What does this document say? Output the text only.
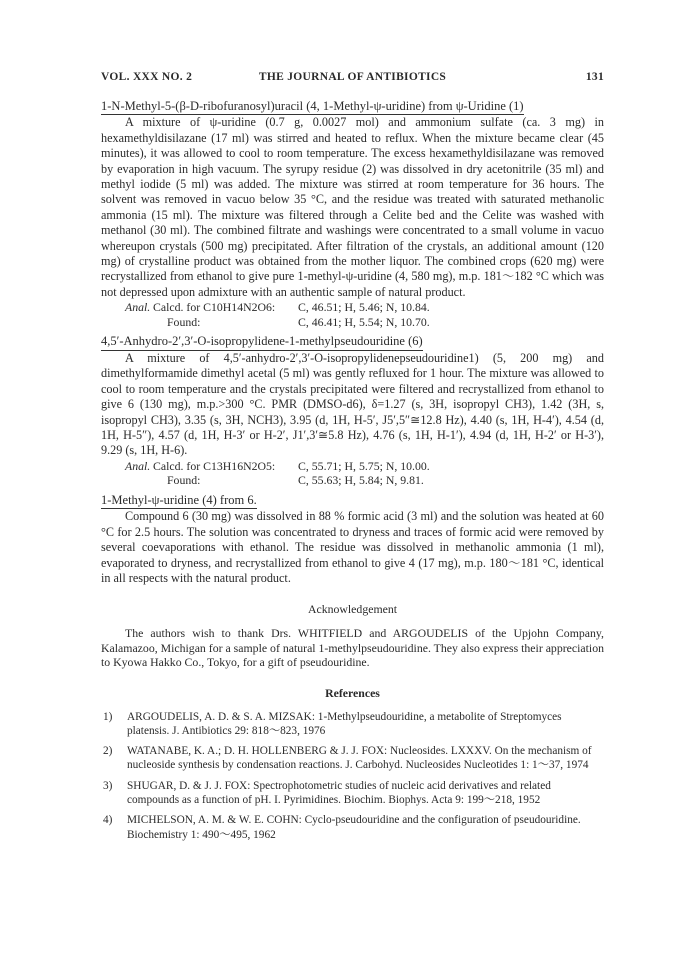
VOL. XXX NO. 2	THE JOURNAL OF ANTIBIOTICS	131
1-N-Methyl-5-(β-D-ribofuranosyl)uracil (4, 1-Methyl-ψ-uridine) from ψ-Uridine (1)

A mixture of ψ-uridine (0.7 g, 0.0027 mol) and ammonium sulfate (ca. 3 mg) in hexamethyldisilazane (17 ml) was stirred and heated to reflux. When the mixture became clear (45 minutes), it was allowed to cool to room temperature. The excess hexamethyldisilazane was removed by evaporation in high vacuum. The syrupy residue (2) was dissolved in dry acetonitrile (35 ml) and methyl iodide (5 ml) was added. The mixture was stirred at room temperature for 36 hours. The solvent was removed in vacuo below 35 °C, and the residue was treated with saturated methanolic ammonia (15 ml). The mixture was filtered through a Celite bed and the Celite was washed with methanol (30 ml). The combined filtrate and washings were concentrated to a small volume in vacuo whereupon crystals (500 mg) precipitated. After filtration of the crystals, an additional amount (120 mg) of crystalline product was obtained from the mother liquor. The combined crops (620 mg) were recrystallized from ethanol to give pure 1-methyl-ψ-uridine (4, 580 mg), m.p. 181～182 °C which was not depressed upon admixture with an authentic sample of natural product.

Anal. Calcd. for C10H14N2O6:	C, 46.51; H, 5.46; N, 10.84.
Found:	C, 46.41; H, 5.54; N, 10.70.
4,5′-Anhydro-2′,3′-O-isopropylidene-1-methylpseudouridine (6)

A mixture of 4,5′-anhydro-2′,3′-O-isopropylidenepseudouridine1) (5, 200 mg) and dimethylformamide dimethyl acetal (5 ml) was gently refluxed for 1 hour. The mixture was allowed to cool to room temperature and the crystals precipitated were filtered and recrystallized from ethanol to give 6 (130 mg), m.p.>300 °C. PMR (DMSO-d6), δ=1.27 (s, 3H, isopropyl CH3), 1.42 (3H, s, isopropyl CH3), 3.35 (s, 3H, NCH3), 3.95 (d, 1H, H-5′, J5′,5″≅12.8 Hz), 4.40 (s, 1H, H-4′), 4.54 (d, 1H, H-5″), 4.57 (d, 1H, H-3′ or H-2′, J1′,3′≅5.8 Hz), 4.76 (s, 1H, H-1′), 4.94 (d, 1H, H-2′ or H-3′), 9.29 (s, 1H, H-6).

Anal. Calcd. for C13H16N2O5:	C, 55.71; H, 5.75; N, 10.00.
Found:	C, 55.63; H, 5.84; N, 9.81.
1-Methyl-ψ-uridine (4) from 6.

Compound 6 (30 mg) was dissolved in 88 % formic acid (3 ml) and the solution was heated at 60 °C for 2.5 hours. The solution was concentrated to dryness and traces of formic acid were removed by several coevaporations with ethanol. The residue was dissolved in methanolic ammonia (1 ml), evaporated to dryness, and recrystallized from ethanol to give 4 (17 mg), m.p. 180～181 °C, identical in all respects with the natural product.

Acknowledgement

The authors wish to thank Drs. WHITFIELD and ARGOUDELIS of the Upjohn Company, Kalamazoo, Michigan for a sample of natural 1-methylpseudouridine. They also express their appreciation to Kyowa Hakko Co., Tokyo, for a gift of pseudouridine.

References
1)	ARGOUDELIS, A. D. & S. A. MIZSAK: 1-Methylpseudouridine, a metabolite of Streptomyces platensis. J. Antibiotics 29: 818～823, 1976
2)	WATANABE, K. A.; D. H. HOLLENBERG & J. J. FOX: Nucleosides. LXXXV. On the mechanism of nucleoside synthesis by condensation reactions. J. Carbohyd. Nucleosides Nucleotides 1: 1～37, 1974
3)	SHUGAR, D. & J. J. FOX: Spectrophotometric studies of nucleic acid derivatives and related compounds as a function of pH. I. Pyrimidines. Biochim. Biophys. Acta 9: 199～218, 1952
4)	MICHELSON, A. M. & W. E. COHN: Cyclo-pseudouridine and the configuration of pseudouridine. Biochemistry 1: 490～495, 1962
